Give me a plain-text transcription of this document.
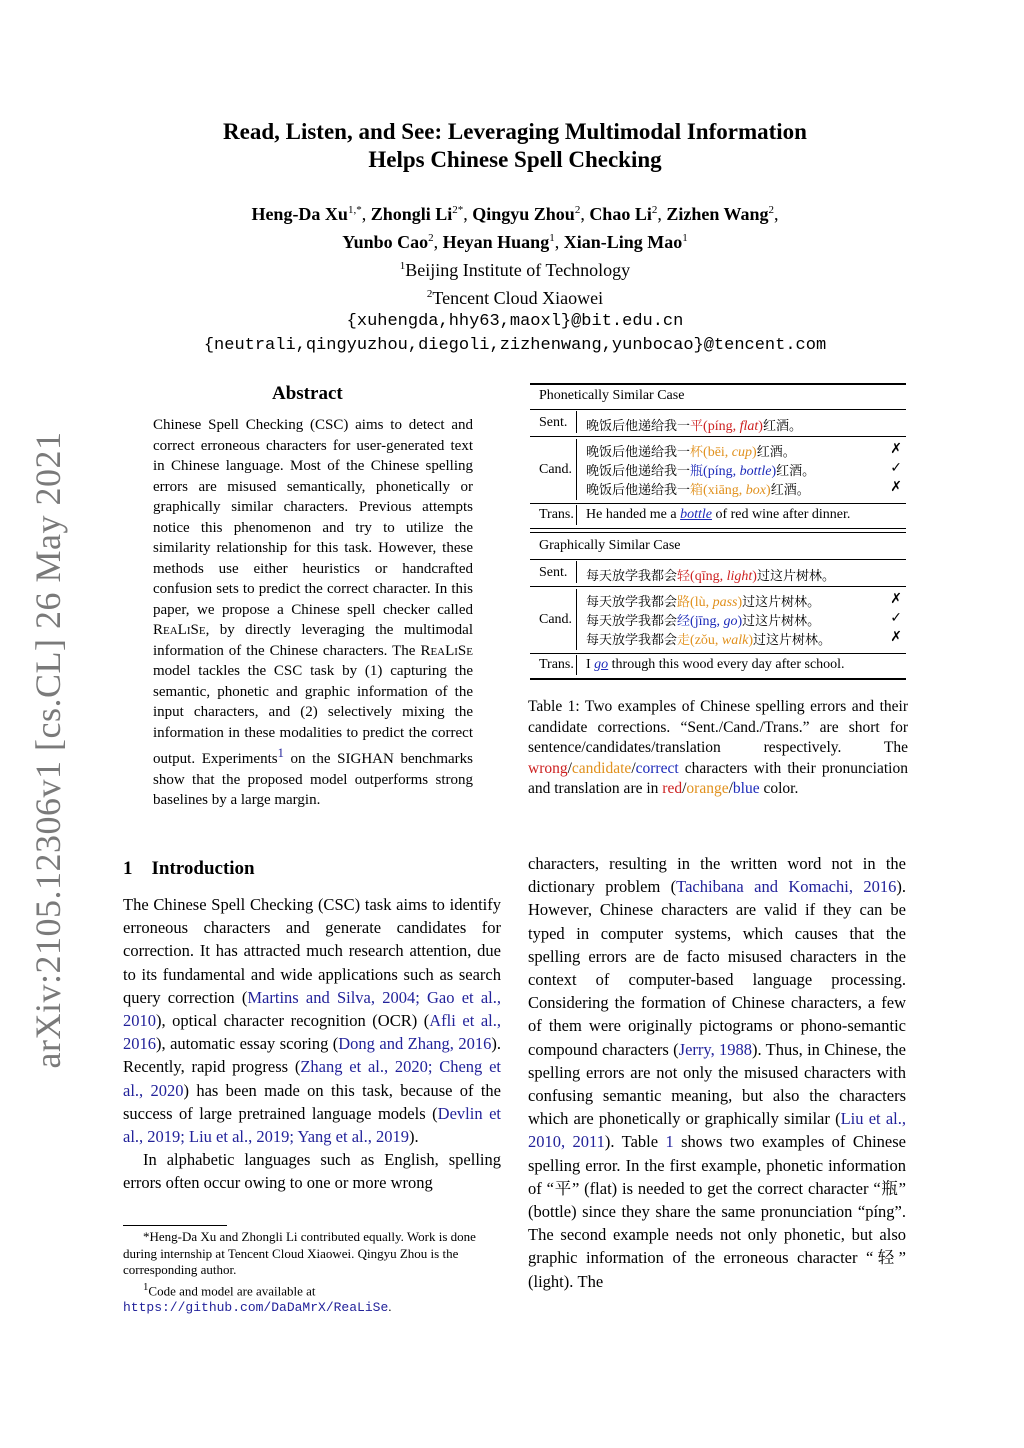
arXiv:2105.12306v1 [cs.CL] 26 May 2021
Read, Listen, and See: Leveraging Multimodal Information
Helps Chinese Spell Checking
Heng-Da $Xu^{1,*}$, Zhongli $Li^{2*}$, Qingyu Zhou$^2$, Chao Li$^2$, Zizhen Wang$^2$,
Yunbo Cao$^2$, Heyan Huang$^1$, Xian-Ling Mao$^1$
$^1$Beijing Institute of Technology
$^2$Tencent Cloud Xiaowei
{xuhengda,hhy63,maoxl}@bit.edu.cn
{neutrali,qingyuzhou,diegoli,zizhenwang,yunbocao}@tencent.com
Abstract
Chinese Spell Checking (CSC) aims to detect and correct erroneous characters for user-generated text in Chinese language. Most of the Chinese spelling errors are misused semantically, phonetically or graphically similar characters. Previous attempts notice this phenomenon and try to utilize the similarity relationship for this task. However, these methods use either heuristics or handcrafted confusion sets to predict the correct character. In this paper, we propose a Chinese spell checker called ReaLiSe, by directly leveraging the multimodal information of the Chinese characters. The ReaLiSe model tackles the CSC task by (1) capturing the semantic, phonetic and graphic information of the input characters, and (2) selectively mixing the information in these modalities to predict the correct output. Experiments$^1$ on the SIGHAN benchmarks show that the proposed model outperforms strong baselines by a large margin.
1    Introduction
The Chinese Spell Checking (CSC) task aims to identify erroneous characters and generate candidates for correction. It has attracted much research attention, due to its fundamental and wide applications such as search query correction (Martins and Silva, 2004; Gao et al., 2010), optical character recognition (OCR) (Afli et al., 2016), automatic essay scoring (Dong and Zhang, 2016). Recently, rapid progress (Zhang et al., 2020; Cheng et al., 2020) has been made on this task, because of the success of large pretrained language models (Devlin et al., 2019; Liu et al., 2019; Yang et al., 2019).
In alphabetic languages such as English, spelling errors often occur owing to one or more wrong
*Heng-Da Xu and Zhongli Li contributed equally. Work is done during internship at Tencent Cloud Xiaowei. Qingyu Zhou is the corresponding author.
$^1$Code and model are available at https://github.com/DaDaMrX/ReaLiSe.
characters, resulting in the written word not in the dictionary problem (Tachibana and Komachi, 2016). However, Chinese characters are valid if they can be typed in computer systems, which causes that the spelling errors are de facto misused characters in the context of computer-based language processing. Considering the formation of Chinese characters, a few of them were originally pictograms or phono-semantic compound characters (Jerry, 1988). Thus, in Chinese, the spelling errors are not only the misused characters with confusing semantic meaning, but also the characters which are phonetically or graphically similar (Liu et al., 2010, 2011). Table 1 shows two examples of Chinese spelling error. In the first example, phonetic information of “平” (flat) is needed to get the correct character “瓶” (bottle) since they share the same pronunciation “píng”. The second example needs not only phonetic, but also graphic information of the erroneous character “轻” (light). The
Phonetically Similar Case
Sent. 晚饭后他递给我一平(píng, flat)红酒。
Cand.
晚饭后他递给我一杯(bēi, cup)红酒。	✗
晚饭后他递给我一瓶(píng, bottle)红酒。	✓
晚饭后他递给我一箱(xiāng, box)红酒。	✗
Trans. He handed me a bottle of red wine after dinner.
Graphically Similar Case
Sent. 每天放学我都会轻(qīng, light)过这片树林。
Cand.
每天放学我都会路(lù, pass)过这片树林。	✗
每天放学我都会经(jīng, go)过这片树林。	✓
每天放学我都会走(zǒu, walk)过这片树林。	✗
Trans. I go through this wood every day after school.
Table 1: Two examples of Chinese spelling errors and their candidate corrections. “Sent./Cand./Trans.” are short for sentence/candidates/translation respectively. The wrong/candidate/correct characters with their pronunciation and translation are in red/orange/blue color.
